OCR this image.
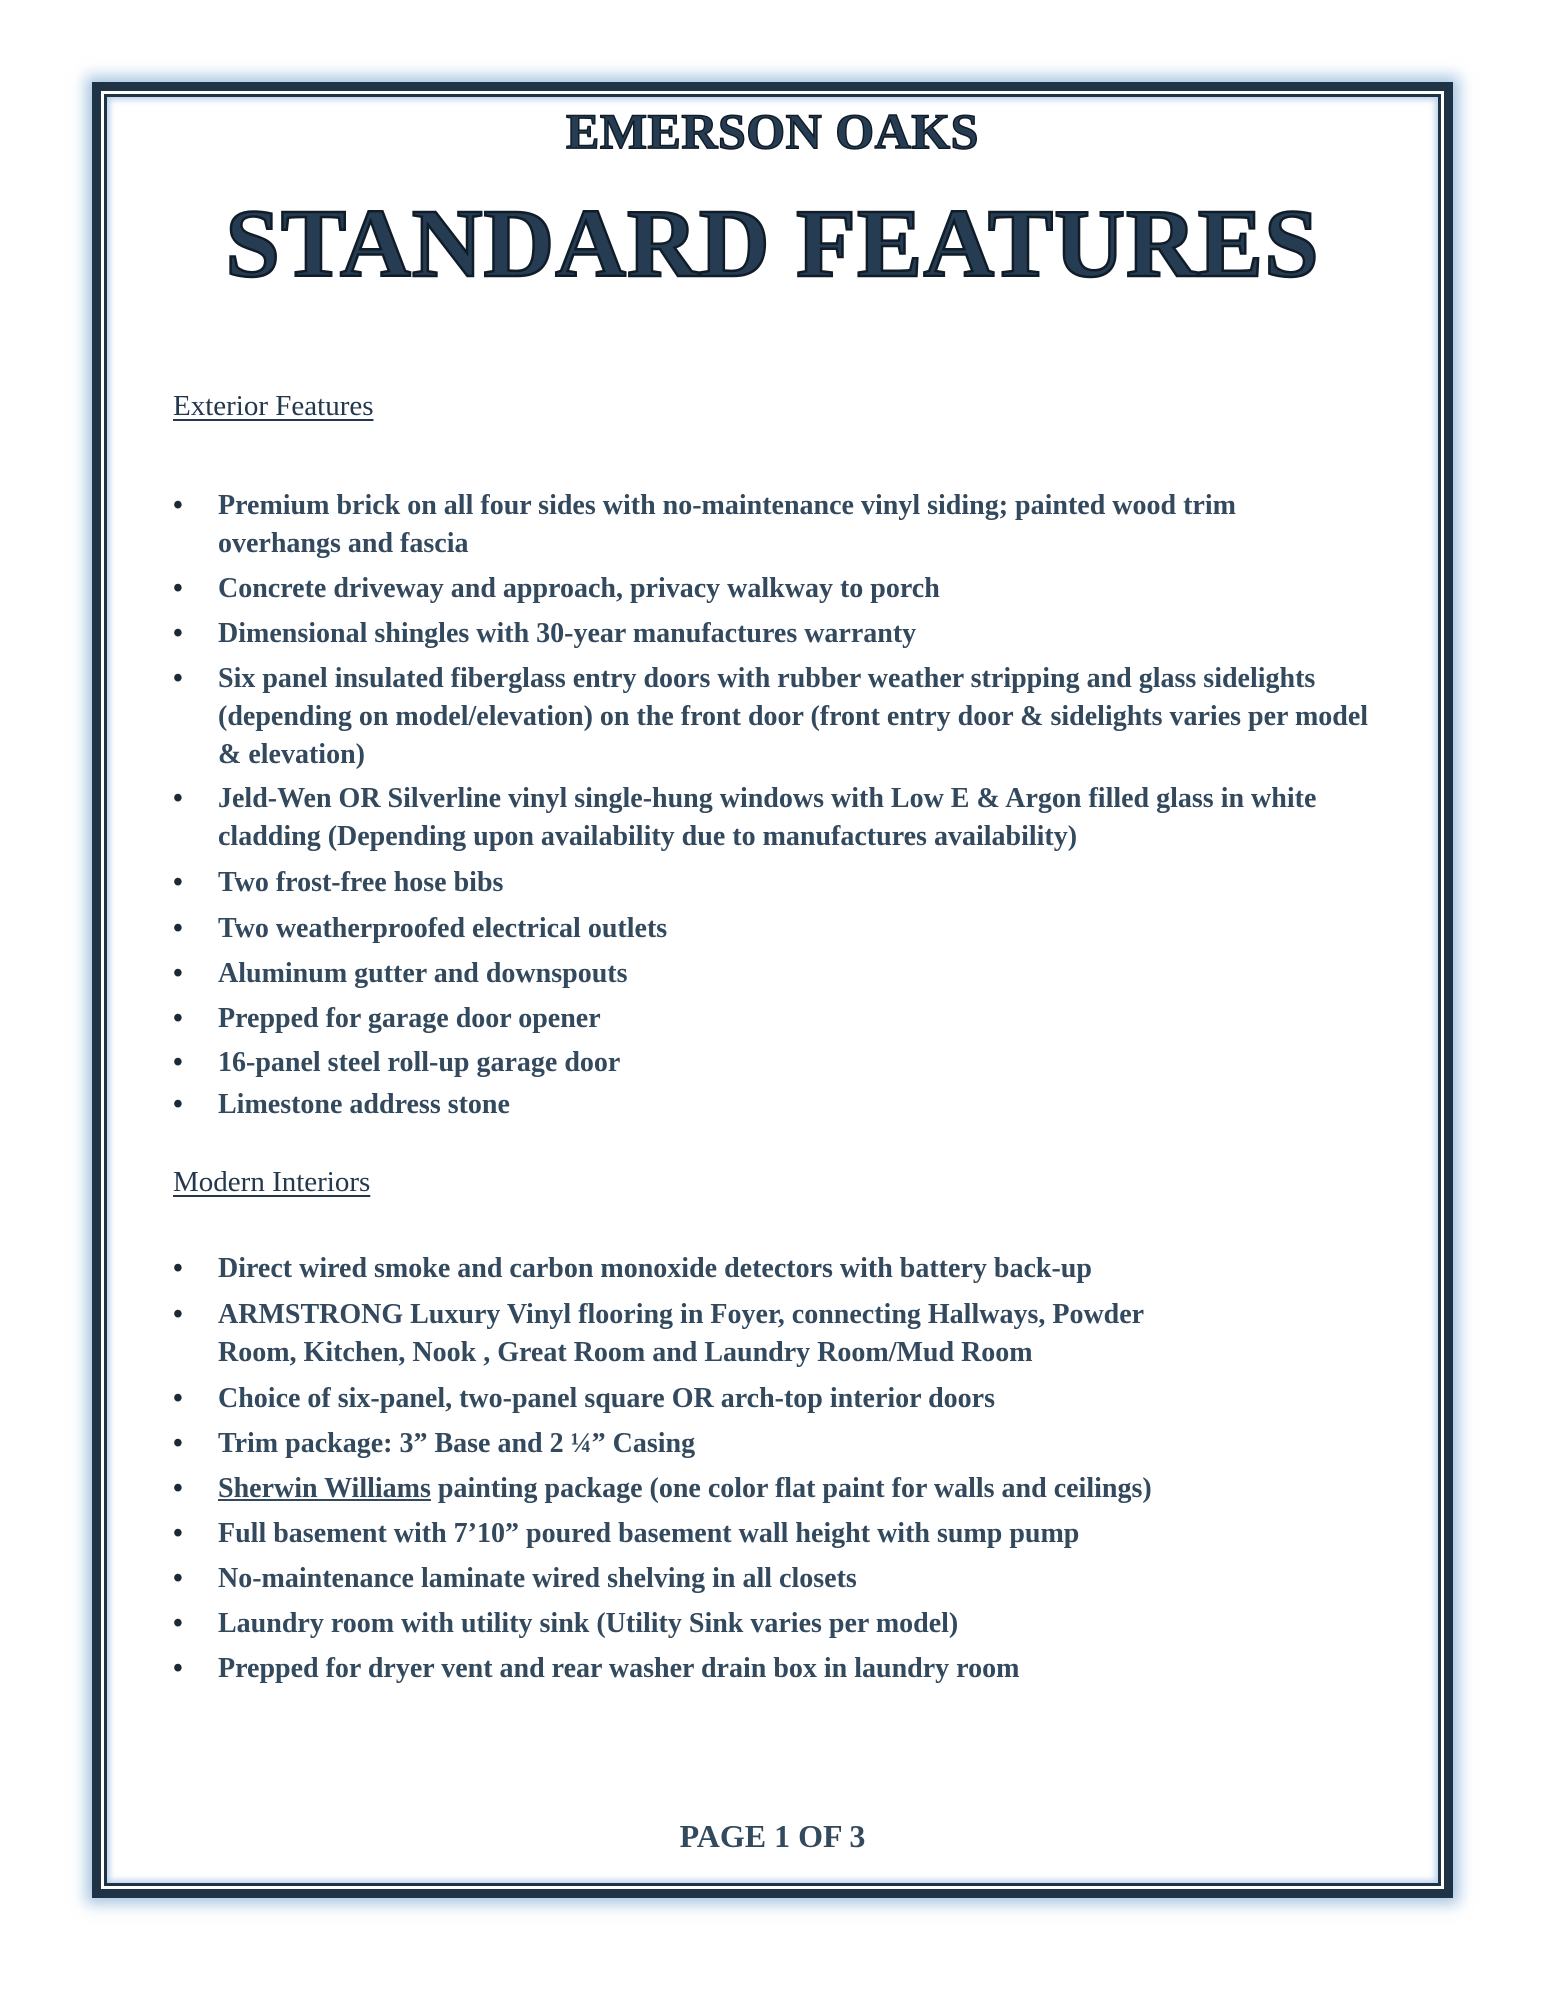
EMERSON OAKS
STANDARD FEATURES
Exterior Features
•	Premium brick on all four sides with no-maintenance vinyl siding; painted wood trim overhangs and fascia
•	Concrete driveway and approach, privacy walkway to porch
•	Dimensional shingles with 30-year manufactures warranty
•	Six panel insulated fiberglass entry doors with rubber weather stripping and glass sidelights (depending on model/elevation) on the front door (front entry door & sidelights varies per model & elevation)
•	Jeld-Wen OR Silverline vinyl single-hung windows with Low E & Argon filled glass in white cladding (Depending upon availability due to manufactures availability)
•	Two frost-free hose bibs
•	Two weatherproofed electrical outlets
•	Aluminum gutter and downspouts
•	Prepped for garage door opener
•	16-panel steel roll-up garage door
•	Limestone address stone
Modern Interiors
•	Direct wired smoke and carbon monoxide detectors with battery back-up
•	ARMSTRONG Luxury Vinyl flooring in Foyer, connecting Hallways, Powder Room, Kitchen, Nook , Great Room and Laundry Room/Mud Room
•	Choice of six-panel, two-panel square OR arch-top interior doors
•	Trim package: 3” Base and 2 ¼” Casing
•	Sherwin Williams painting package (one color flat paint for walls and ceilings)
•	Full basement with 7’10” poured basement wall height with sump pump
•	No-maintenance laminate wired shelving in all closets
•	Laundry room with utility sink (Utility Sink varies per model)
•	Prepped for dryer vent and rear washer drain box in laundry room
PAGE 1 OF 3
